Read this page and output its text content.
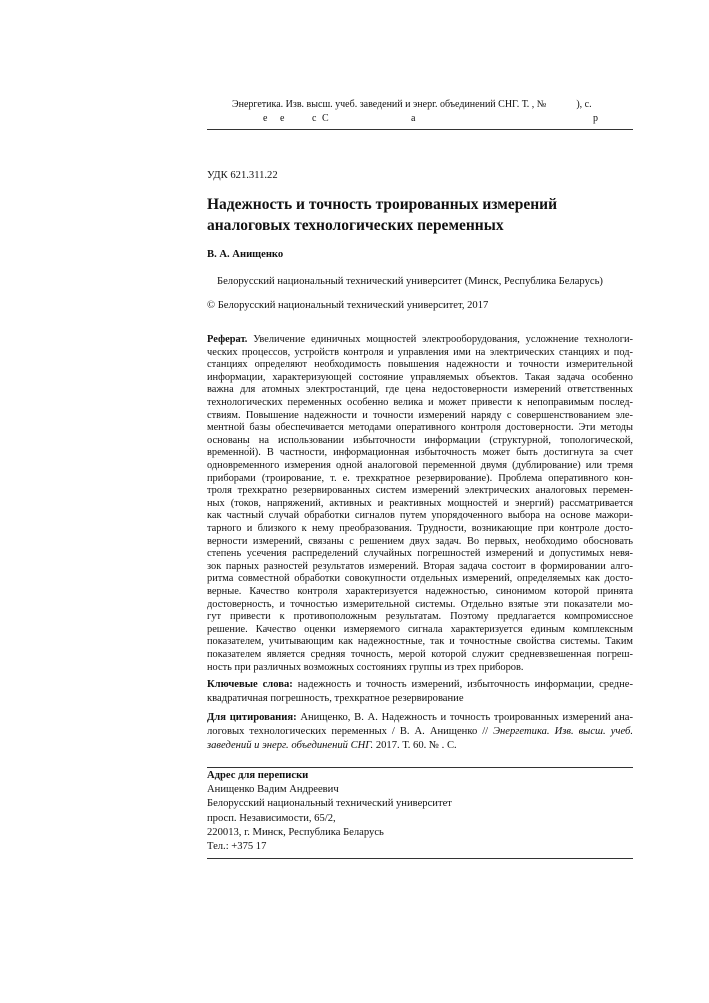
Энергетика. Изв. высш. учеб. заведений и энерг. объединений СНГ. Т. , №	), с.
е е	с С	а	р
УДК 621.311.22
Надежность и точность троированных измерений
аналоговых технологических переменных
В. А. Анищенко
Белорусский национальный технический университет (Минск, Республика Беларусь)
© Белорусский национальный технический университет, 2017
Реферат. Увеличение единичных мощностей электрооборудования, усложнение технологи-
ческих процессов, устройств контроля и управления ими на электрических станциях и под-
станциях определяют необходимость повышения надежности и точности измерительной
информации, характеризующей состояние управляемых объектов. Такая задача особенно
важна для атомных электростанций, где цена недостоверности измерений ответственных
технологических переменных особенно велика и может привести к непоправимым послед-
ствиям. Повышение надежности и точности измерений наряду с совершенствованием эле-
ментной базы обеспечивается методами оперативного контроля достоверности. Эти методы
основаны на использовании избыточности информации (структурной, топологической,
временно́й). В частности, информационная избыточность может быть достигнута за счет
одновременного измерения одной аналоговой переменной двумя (дублирование) или тремя
приборами (троирование, т. е. трехкратное резервирование). Проблема оперативного кон-
троля трехкратно резервированных систем измерений электрических аналоговых перемен-
ных (токов, напряжений, активных и реактивных мощностей и энергий) рассматривается
как частный случай обработки сигналов путем упорядоченного выбора на основе мажори-
тарного и близкого к нему преобразования. Трудности, возникающие при контроле досто-
верности измерений, связаны с решением двух задач. Во первых, необходимо обосновать
степень усечения распределений случайных погрешностей измерений и допустимых невя-
зок парных разностей результатов измерений. Вторая задача состоит в формировании алго-
ритма совместной обработки совокупности отдельных измерений, определяемых как досто-
верные. Качество контроля характеризуется надежностью, синонимом которой принята
достоверность, и точностью измерительной системы. Отдельно взятые эти показатели мо-
гут привести к противоположным результатам. Поэтому предлагается компромиссное
решение. Качество оценки измеряемого сигнала характеризуется единым комплексным
показателем, учитывающим как надежностные, так и точностные свойства системы. Таким
показателем является средняя точность, мерой которой служит средневзвешенная погреш-
ность при различных возможных состояниях группы из трех приборов.
Ключевые слова: надежность и точность измерений, избыточность информации, средне-
квадратичная погрешность, трехкратное резервирование
Для цитирования: Анищенко, В. А. Надежность и точность троированных измерений ана-
логовых технологических переменных / В. А. Анищенко // Энергетика. Изв. высш. учеб.
заведений и энерг. объединений СНГ. 2017. Т. 60. № . С.
Адрес для переписки
Анищенко Вадим Андреевич
Белорусский национальный технический университет
просп. Независимости, 65/2,
220013, г. Минск, Республика Беларусь
Тел.: +375 17
